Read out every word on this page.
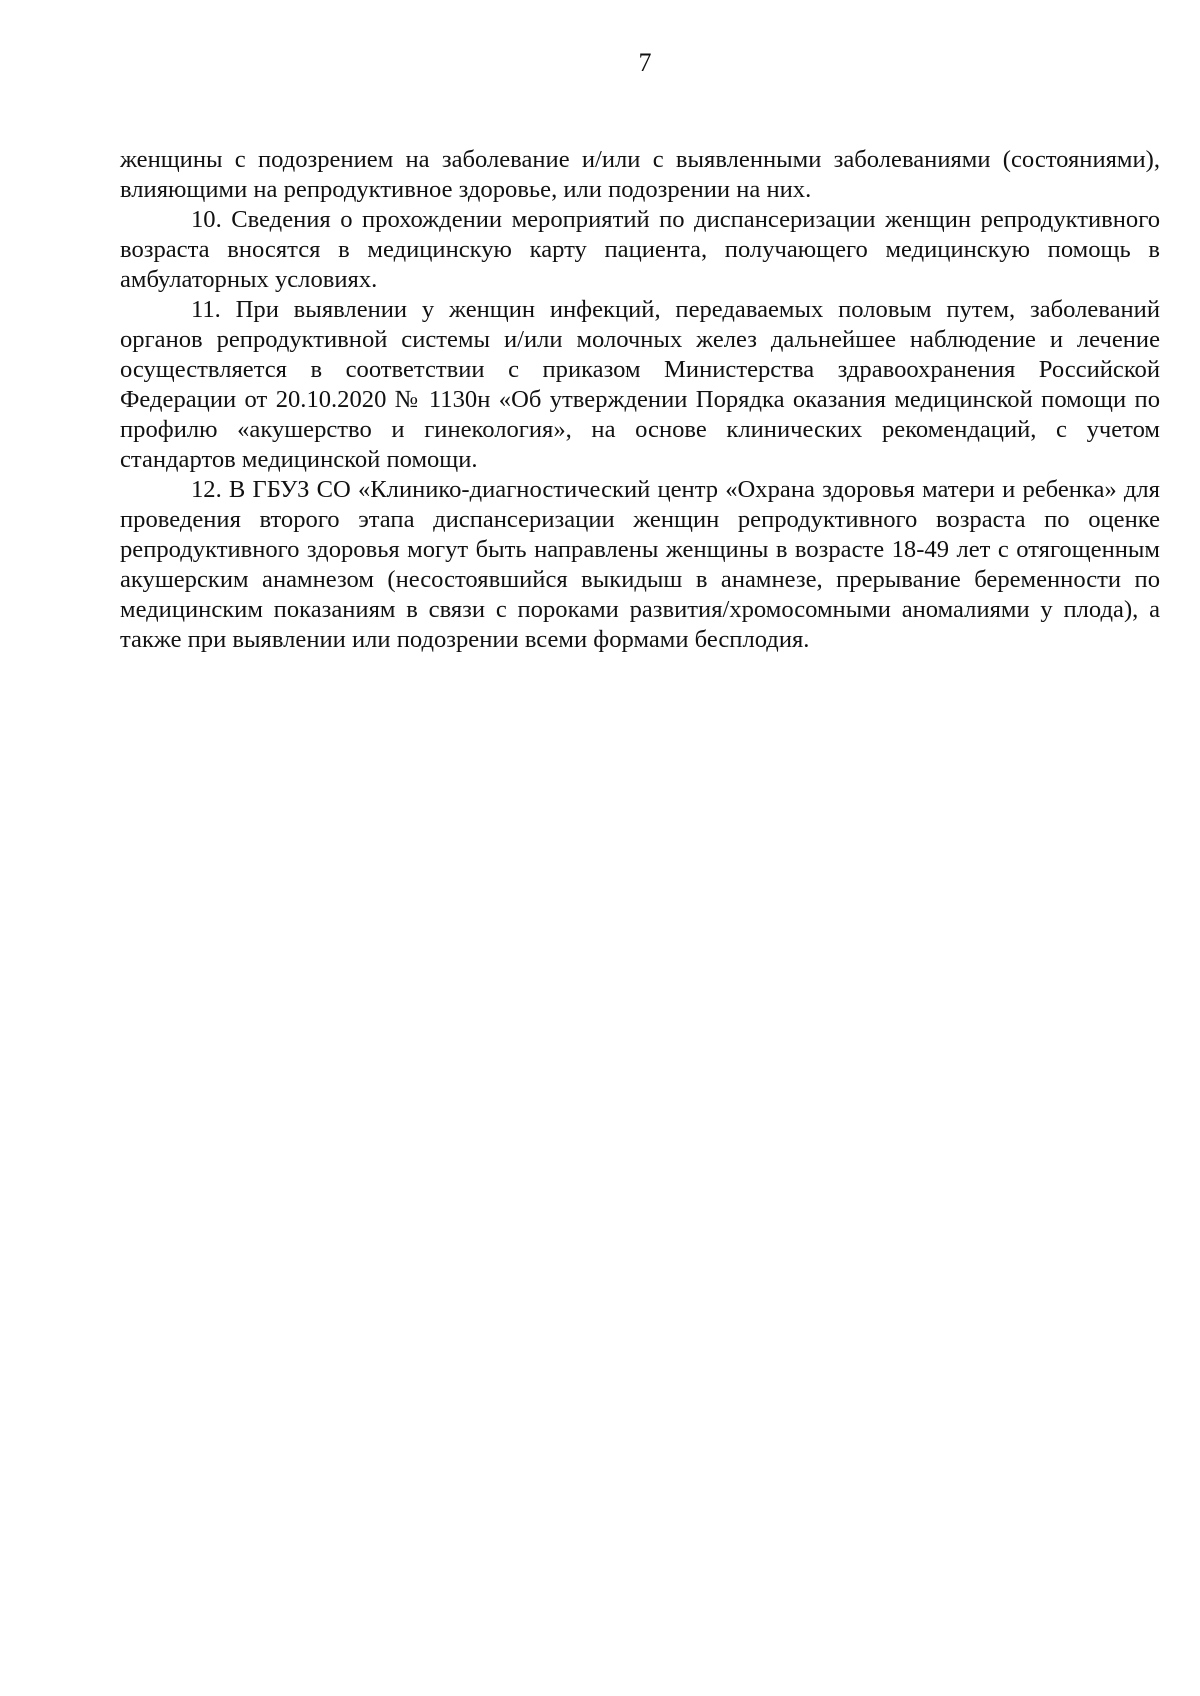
7

женщины с подозрением на заболевание и/или с выявленными заболеваниями (состояниями), влияющими на репродуктивное здоровье, или подозрении на них.

10. Сведения о прохождении мероприятий по диспансеризации женщин репродуктивного возраста вносятся в медицинскую карту пациента, получающего медицинскую помощь в амбулаторных условиях.

11. При выявлении у женщин инфекций, передаваемых половым путем, заболеваний органов репродуктивной системы и/или молочных желез дальнейшее наблюдение и лечение осуществляется в соответствии с приказом Министерства здравоохранения Российской Федерации от 20.10.2020 № 1130н «Об утверждении Порядка оказания медицинской помощи по профилю «акушерство и гинекология», на основе клинических рекомендаций, с учетом стандартов медицинской помощи.

12. В ГБУЗ СО «Клинико-диагностический центр «Охрана здоровья матери и ребенка» для проведения второго этапа диспансеризации женщин репродуктивного возраста по оценке репродуктивного здоровья могут быть направлены женщины в возрасте 18-49 лет с отягощенным акушерским анамнезом (несостоявшийся выкидыш в анамнезе, прерывание беременности по медицинским показаниям в связи с пороками развития/хромосомными аномалиями у плода), а также при выявлении или подозрении всеми формами бесплодия.
